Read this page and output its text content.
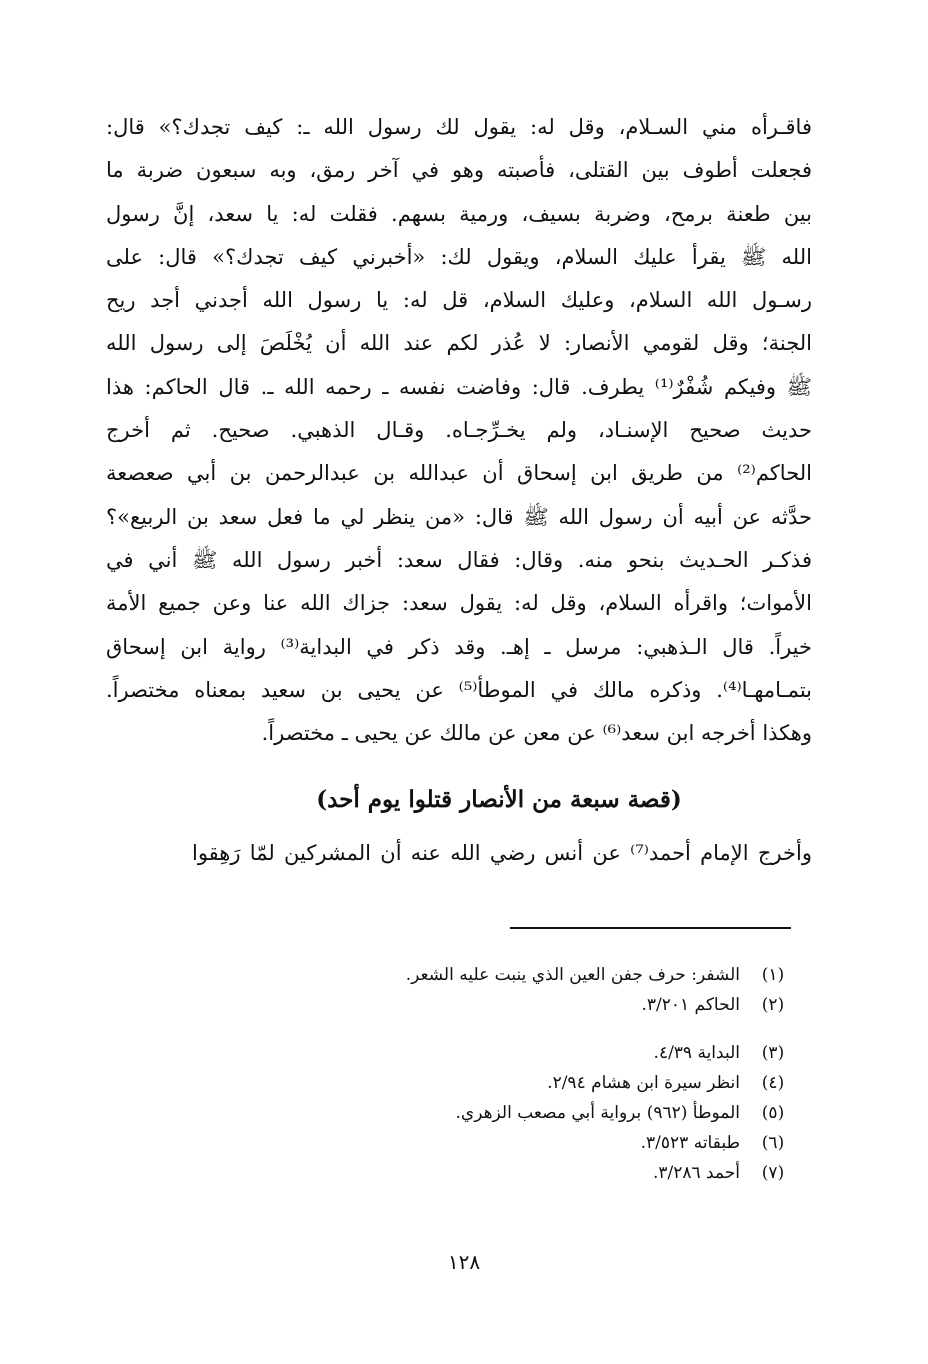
فاقـرأه مني السـلام، وقل له: يقول لك رسول الله ـ: كيف تجدك؟» قال:
فجعلت أطوف بين القتلى، فأصبته وهو في آخر رمق، وبه سبعون ضربة ما
بين طعنة برمح، وضربة بسيف، ورمية بسهم. فقلت له: يا سعد، إنَّ رسول
الله ﷺ يقرأ عليك السلام، ويقول لك: «أخبرني كيف تجدك؟» قال: على
رسـول الله السلام، وعليك السلام، قل له: يا رسول الله أجدني أجد ريح
الجنة؛ وقل لقومي الأنصار: لا عُذر لكم عند الله أن يُخْلَصَ إلى رسول الله
ﷺ وفيكم شُفْرٌ⁽¹⁾ يطرف. قال: وفاضت نفسه ـ رحمه الله ـ. قال الحاكم: هذا
حديث صحيح الإسنـاد، ولم يخـرِّجـاه. وقـال الذهبي. صحيح. ثم أخرج
الحاكم⁽²⁾ من طريق ابن إسحاق أن عبدالله بن عبدالرحمن بن أبي صعصعة
حدَّثه عن أبيه أن رسول الله ﷺ قال: «من ينظر لي ما فعل سعد بن الربيع»؟
فذكـر الحـديث بنحو منه. وقال: فقال سعد: أخبر رسول الله ﷺ أني في
الأموات؛ واقرأه السلام، وقل له: يقول سعد: جزاك الله عنا وعن جميع الأمة
خيراً. قال الـذهبي: مرسل ـ إهـ. وقد ذكر في البداية⁽³⁾ رواية ابن إسحاق
بتمـامهـا⁽⁴⁾. وذكره مالك في الموطأ⁽⁵⁾ عن يحيى بن سعيد بمعناه مختصراً.
وهكذا أخرجه ابن سعد⁽⁶⁾ عن معن عن مالك عن يحيى ـ مختصراً.
(قصة سبعة من الأنصار قتلوا يوم أحد)
وأخرج الإمام أحمد⁽⁷⁾ عن أنس رضي الله عنه أن المشركين لمّا رَهِقوا
(١)
الشفر: حرف جفن العين الذي ينبت عليه الشعر.
(٢)
الحاكم ٣/٢٠١.
(٣)
البداية ٤/٣٩.
(٤)
انظر سيرة ابن هشام ٢/٩٤.
(٥)
الموطأ (٩٦٢) برواية أبي مصعب الزهري.
(٦)
طبقاته ٣/٥٢٣.
(٧)
أحمد ٣/٢٨٦.
١٢٨
